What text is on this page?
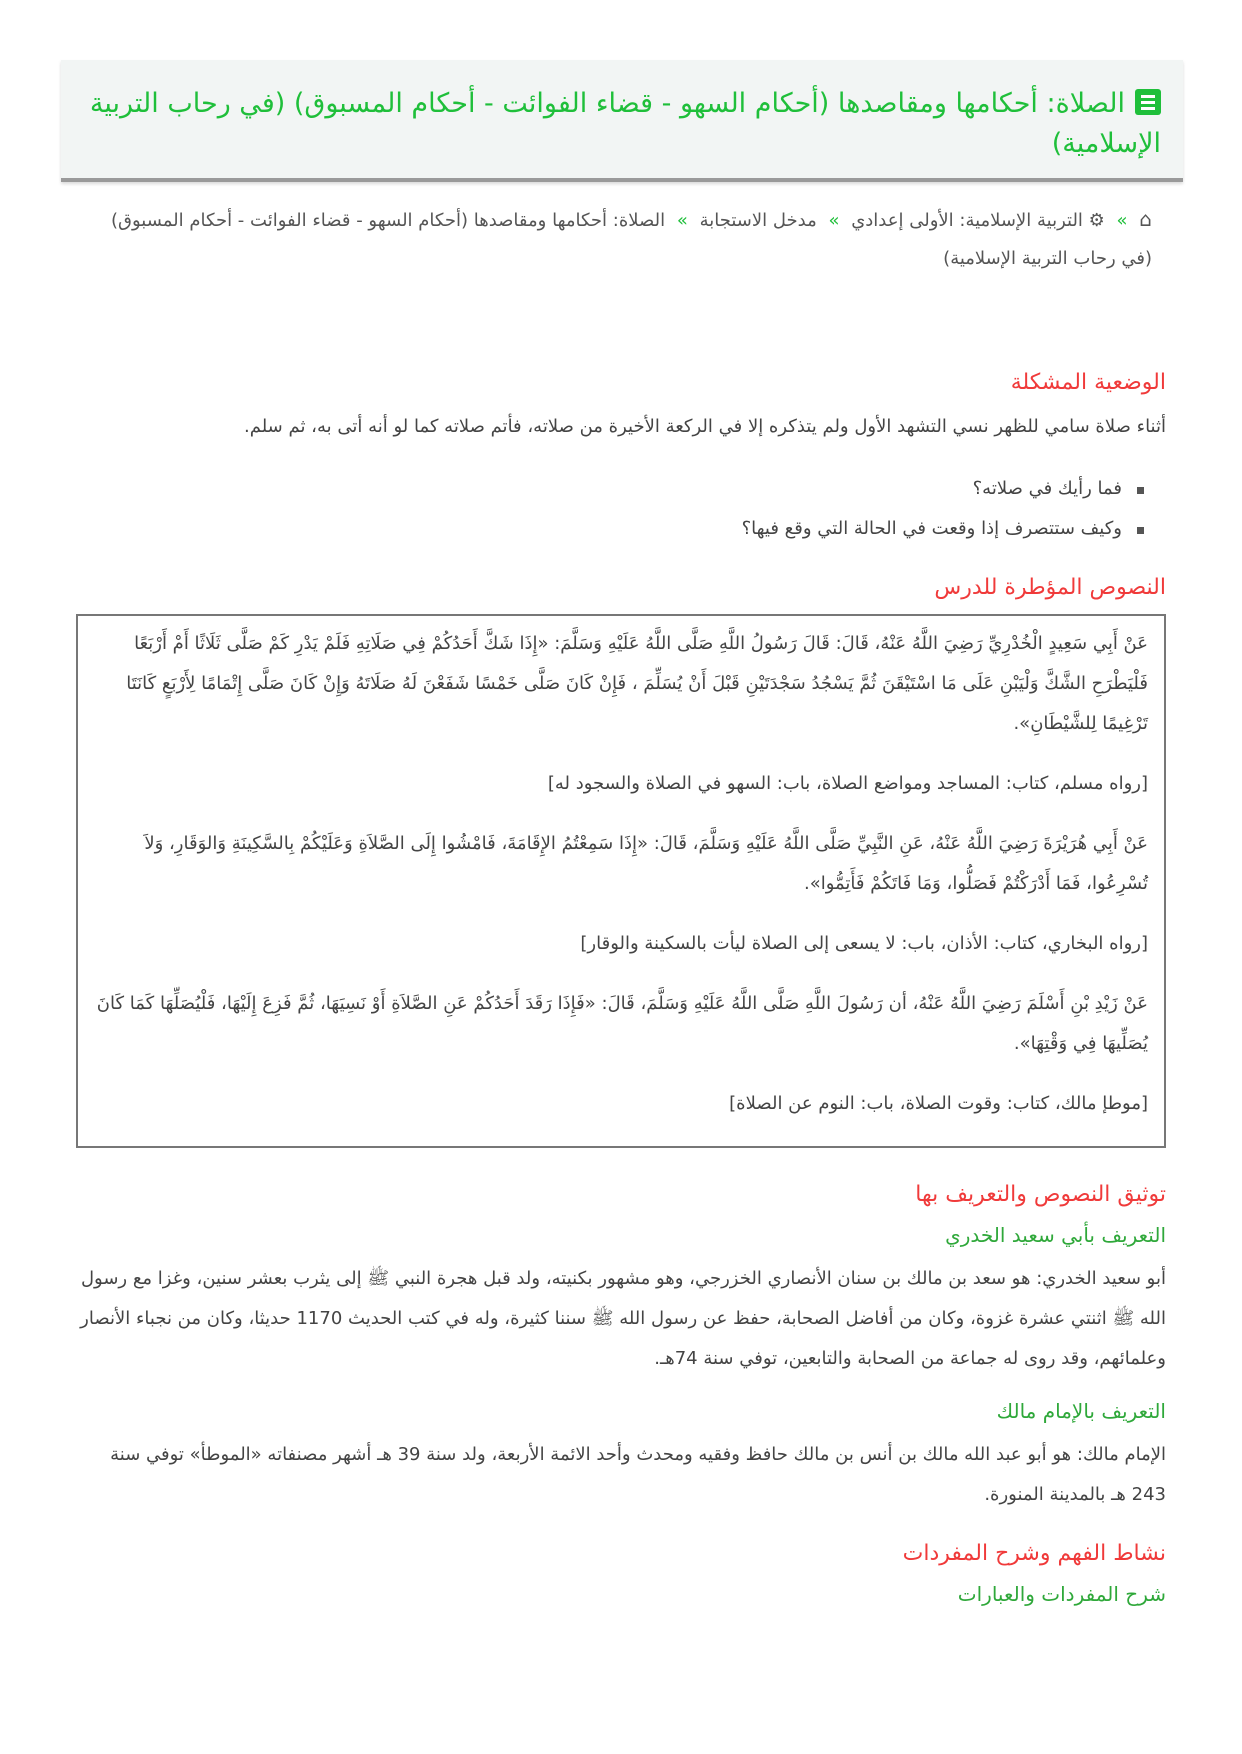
الصلاة: أحكامها ومقاصدها (أحكام السهو - قضاء الفوائت - أحكام المسبوق) (في رحاب التربية الإسلامية)
⌂ » ⚙ التربية الإسلامية: الأولى إعدادي » مدخل الاستجابة » الصلاة: أحكامها ومقاصدها (أحكام السهو - قضاء الفوائت - أحكام المسبوق) (في رحاب التربية الإسلامية)
الوضعية المشكلة

أثناء صلاة سامي للظهر نسي التشهد الأول ولم يتذكره إلا في الركعة الأخيرة من صلاته، فأتم صلاته كما لو أنه أتى به، ثم سلم.

فما رأيك في صلاته؟
وكيف ستتصرف إذا وقعت في الحالة التي وقع فيها؟
النصوص المؤطرة للدرس

عَنْ أَبِي سَعِيدٍ الْخُدْرِيِّ رَضِيَ اللَّهُ عَنْهُ، قَالَ: قَالَ رَسُولُ اللَّهِ صَلَّى اللَّهُ عَلَيْهِ وَسَلَّمَ: «إِذَا شَكَّ أَحَدُكُمْ فِي صَلَاتِهِ فَلَمْ يَدْرِ كَمْ صَلَّى ثَلَاثًا أَمْ أَرْبَعًا فَلْيَطْرَحِ الشَّكَّ وَلْيَبْنِ عَلَى مَا اسْتَيْقَنَ ثُمَّ يَسْجُدُ سَجْدَتَيْنِ قَبْلَ أَنْ يُسَلِّمَ ، فَإِنْ كَانَ صَلَّى خَمْسًا شَفَعْنَ لَهُ صَلَاتَهُ وَإِنْ كَانَ صَلَّى إِتْمَامًا لِأَرْبَعٍ كَانَتَا تَرْغِيمًا لِلشَّيْطَانِ».

[رواه مسلم، كتاب: المساجد ومواضع الصلاة، باب: السهو في الصلاة والسجود له]

عَنْ أَبِي هُرَيْرَةَ رَضِيَ اللَّهُ عَنْهُ، عَنِ النَّبِيِّ صَلَّى اللَّهُ عَلَيْهِ وَسَلَّمَ، قَالَ: «إِذَا سَمِعْتُمُ الإِقَامَةَ، فَامْشُوا إِلَى الصَّلاَةِ وَعَلَيْكُمْ بِالسَّكِينَةِ وَالوَقَارِ، وَلاَ تُسْرِعُوا، فَمَا أَدْرَكْتُمْ فَصَلُّوا، وَمَا فَاتَكُمْ فَأَتِمُّوا».

[رواه البخاري، كتاب: الأذان، باب: لا يسعى إلى الصلاة ليأت بالسكينة والوقار]

عَنْ زَيْدِ بْنِ أَسْلَمَ رَضِيَ اللَّهُ عَنْهُ، أن رَسُولَ اللَّهِ صَلَّى اللَّهُ عَلَيْهِ وَسَلَّمَ، قَالَ: «فَإِذَا رَقَدَ أَحَدُكُمْ عَنِ الصَّلاَةِ أَوْ نَسِيَهَا، ثُمَّ فَزِعَ إِلَيْهَا، فَلْيُصَلِّهَا كَمَا كَانَ يُصَلِّيهَا فِي وَقْتِهَا».

[موطإ مالك، كتاب: وقوت الصلاة، باب: النوم عن الصلاة]

توثيق النصوص والتعريف بها
التعريف بأبي سعيد الخدري

أبو سعيد الخدري: هو سعد بن مالك بن سنان الأنصاري الخزرجي، وهو مشهور بكنيته، ولد قبل هجرة النبي ﷺ إلى يثرب بعشر سنين، وغزا مع رسول الله ﷺ اثنتي عشرة غزوة، وكان من أفاضل الصحابة، حفظ عن رسول الله ﷺ سننا كثيرة، وله في كتب الحديث 1170 حديثا، وكان من نجباء الأنصار وعلمائهم، وقد روى له جماعة من الصحابة والتابعين، توفي سنة 74هـ.

التعريف بالإمام مالك

الإمام مالك: هو أبو عبد الله مالك بن أنس بن مالك حافظ وفقيه ومحدث وأحد الائمة الأربعة، ولد سنة 39 هـ أشهر مصنفاته «الموطأ» توفي سنة 243 هـ بالمدينة المنورة.

نشاط الفهم وشرح المفردات
شرح المفردات والعبارات
